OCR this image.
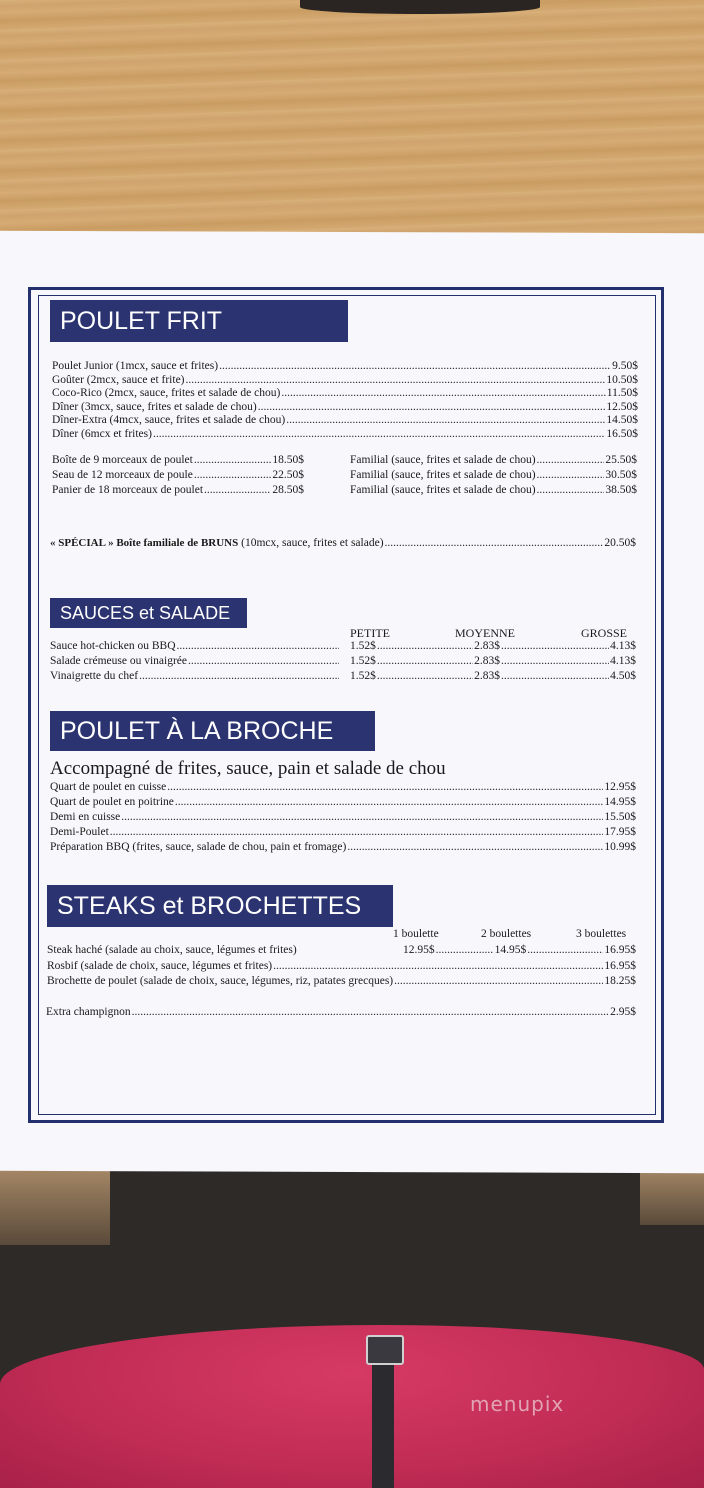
menupix
POULET FRIT
Poulet Junior (1mcx, sauce et frites) .....	9.50$
Goûter (2mcx, sauce et frite) .....	10.50$
Coco-Rico (2mcx, sauce, frites et salade de chou) .....	11.50$
Dîner (3mcx, sauce, frites et salade de chou) .....	12.50$
Dîner-Extra (4mcx, sauce, frites et salade de chou) .....	14.50$
Dîner (6mcx et frites) .....	16.50$
Boîte de 9 morceaux de poulet .....	18.50$	Familial (sauce, frites et salade de chou) .....	25.50$
Seau de 12 morceaux de poule .....	22.50$	Familial (sauce, frites et salade de chou) .....	30.50$
Panier de 18 morceaux de poulet .....	28.50$	Familial (sauce, frites et salade de chou) .....	38.50$
« SPÉCIAL » Boîte familiale de BRUNS (10mcx, sauce, frites et salade) .....	20.50$
SAUCES et SALADE
PETITE	MOYENNE	GROSSE
Sauce hot-chicken ou BBQ .....	1.52$ .....	2.83$ .....	4.13$
Salade crémeuse ou vinaigrée .....	1.52$ .....	2.83$ .....	4.13$
Vinaigrette du chef .....	1.52$ .....	2.83$ .....	4.50$
POULET À LA BROCHE
Accompagné de frites, sauce, pain et salade de chou
Quart de poulet en cuisse .....	12.95$
Quart de poulet en poitrine .....	14.95$
Demi en cuisse .....	15.50$
Demi-Poulet .....	17.95$
Préparation BBQ (frites, sauce, salade de chou, pain et fromage) .....	10.99$
STEAKS et BROCHETTES
1 boulette	2 boulettes	3 boulettes
Steak haché (salade au choix, sauce, légumes et frites)	12.95$ .....	14.95$ .....	16.95$
Rosbif (salade de choix, sauce, légumes et frites) .....	16.95$
Brochette de poulet (salade de choix, sauce, légumes, riz, patates grecques) .....	18.25$
Extra champignon .....	2.95$
